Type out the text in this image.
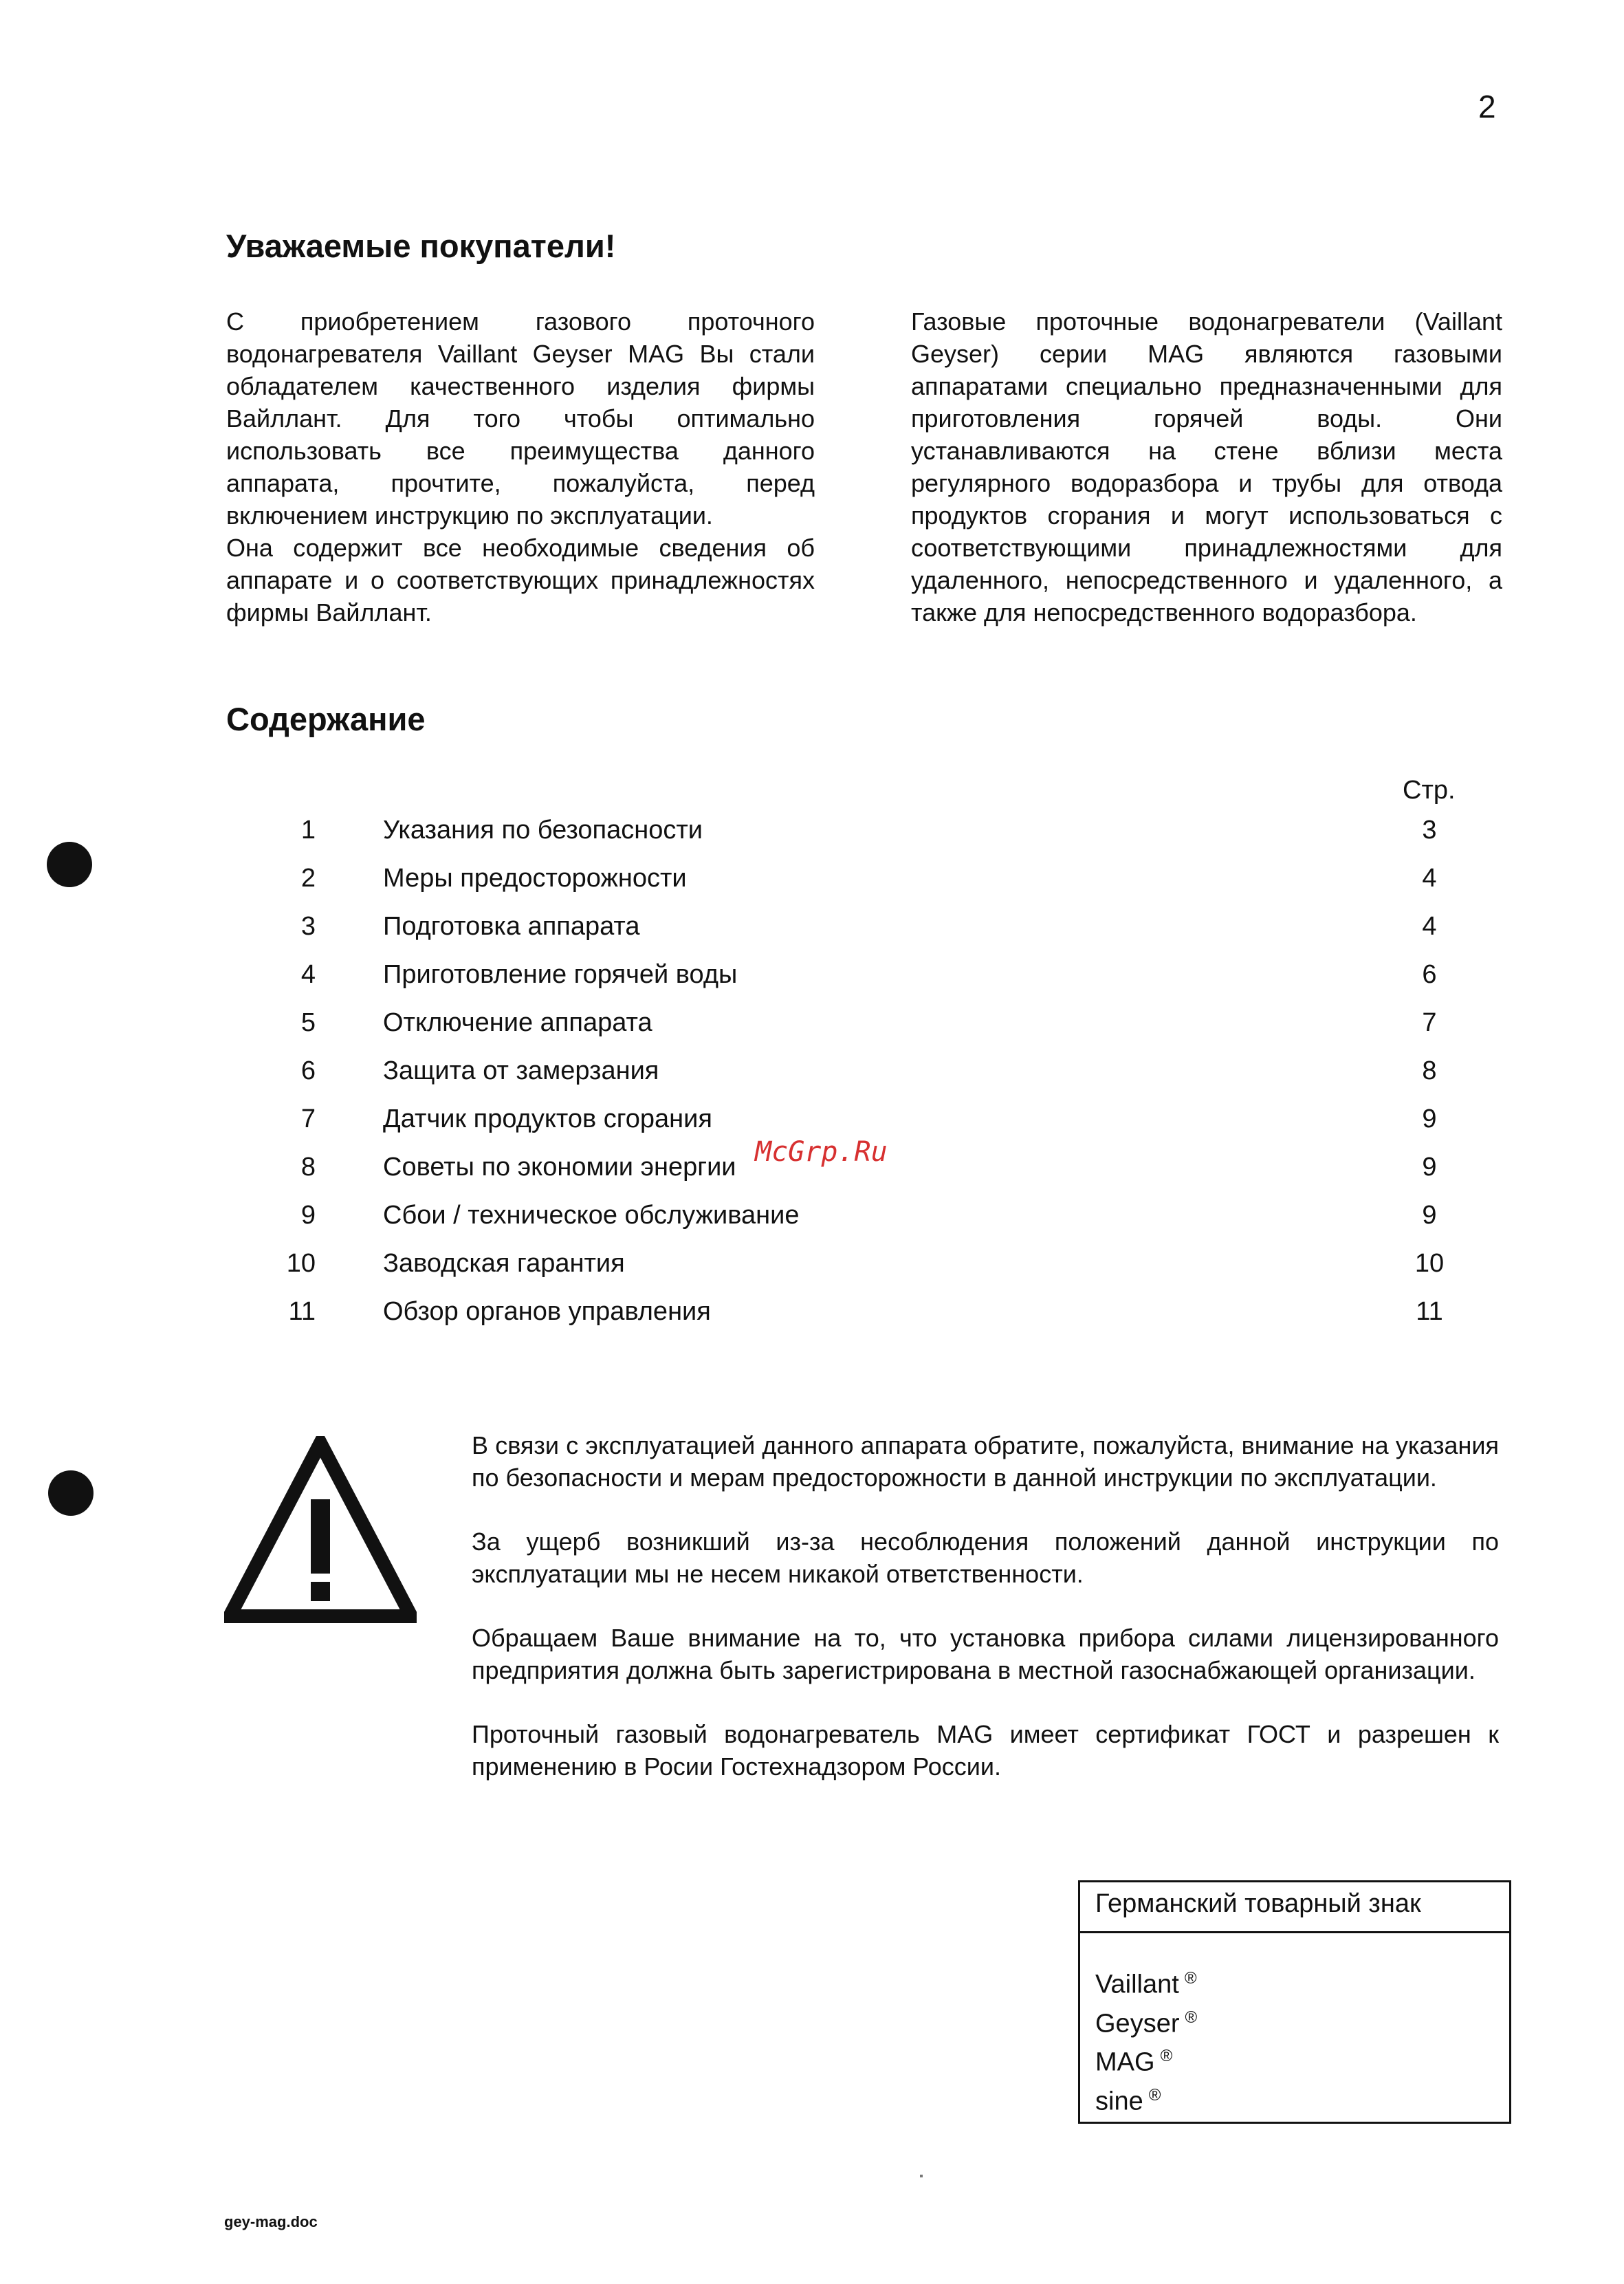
2
Уважаемые покупатели!

С приобретением газового проточного водонагревателя Vaillant Geyser MAG Вы стали обладателем качественного изделия фирмы Вайллант. Для того чтобы оптимально использовать все преимущества данного аппарата, прочтите, пожалуйста, перед включением инструкцию по эксплуатации.

Она содержит все необходимые сведения об аппарате и о соответствующих принадлежностях фирмы Вайллант.

Газовые проточные водонагреватели (Vaillant Geyser) серии MAG являются газовыми аппаратами специально предназначенными для приготовления горячей воды. Они устанавливаются на стене вблизи места регулярного водоразбора и трубы для отвода продуктов сгорания и могут использоваться с соответствующими принадлежностями для удаленного, непосредственного и удаленного, а также для непосредственного водоразбора.

Содержание
Стр.
1	Указания по безопасности	3
2	Меры предосторожности	4
3	Подготовка аппарата	4
4	Приготовление горячей воды	6
5	Отключение аппарата	7
6	Защита от замерзания	8
7	Датчик продуктов сгорания	9
8	Советы по экономии энергии	9
9	Сбои / техническое обслуживание	9
10	Заводская гарантия	10
11	Обзор органов управления	11
McGrp.Ru

В связи с эксплуатацией данного аппарата обратите, пожалуйста, внимание на указания по безопасности и мерам предосторожности в данной инструкции по эксплуатации.

За ущерб возникший из-за несоблюдения положений данной инструкции по эксплуатации мы не несем никакой ответственности.

Обращаем Ваше внимание на то, что установка прибора силами лицензированного предприятия должна быть зарегистрирована в местной газоснабжающей организации.

Проточный газовый водонагреватель MAG имеет сертификат ГОСТ и разрешен к применению в Росии Гостехнадзором России.

Германский товарный знак
Vaillant ®
Geyser ®
MAG ®
sine ®
gey-mag.doc
